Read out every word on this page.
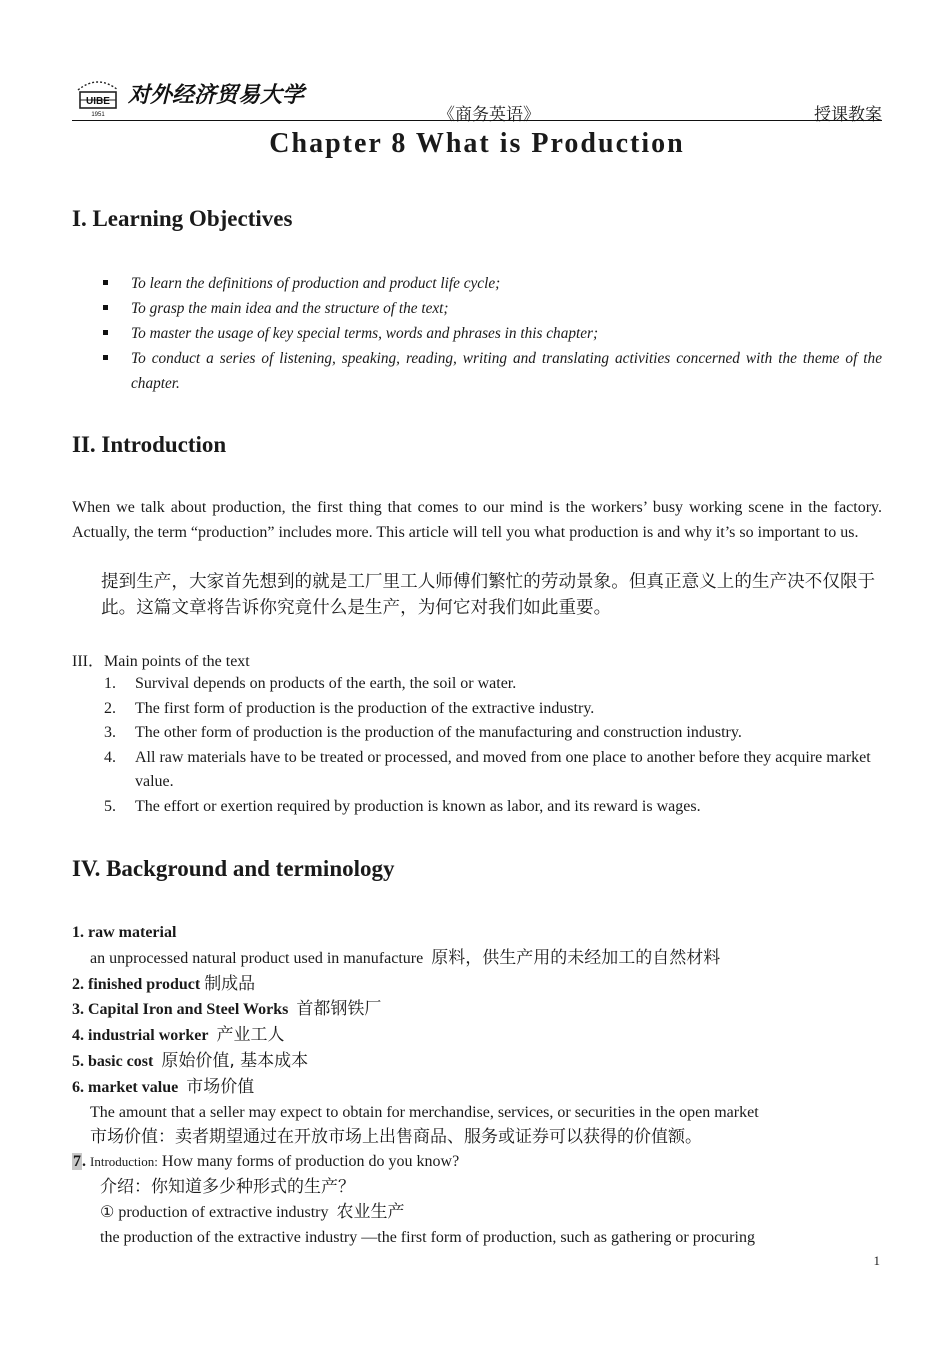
UIBE
1951
对外经济贸易大学
《商务英语》	授课教案
Chapter 8 What is Production
I. Learning Objectives
To learn the definitions of production and product life cycle;
To grasp the main idea and the structure of the text;
To master the usage of key special terms, words and phrases in this chapter;
To conduct a series of listening, speaking, reading, writing and translating activities concerned with the theme of the chapter.
II. Introduction
When we talk about production, the first thing that comes to our mind is the workers’ busy working scene in the factory. Actually, the term “production” includes more. This article will tell you what production is and why it’s so important to us.
提到生产，大家首先想到的就是工厂里工人师傅们繁忙的劳动景象。但真正意义上的生产决不仅限于此。这篇文章将告诉你究竟什么是生产，为何它对我们如此重要。
III．Main points of the text
1. Survival depends on products of the earth, the soil or water.
2. The first form of production is the production of the extractive industry.
3. The other form of production is the production of the manufacturing and construction industry.
4. All raw materials have to be treated or processed, and moved from one place to another before they acquire market value.
5. The effort or exertion required by production is known as labor, and its reward is wages.
IV. Background and terminology
1. raw material
an unprocessed natural product used in manufacture 原料，供生产用的未经加工的自然材料
2. finished product 制成品
3. Capital Iron and Steel Works 首都钢铁厂
4. industrial worker 产业工人
5. basic cost 原始价值, 基本成本
6. market value 市场价值
The amount that a seller may expect to obtain for merchandise, services, or securities in the open market
市场价值：卖者期望通过在开放市场上出售商品、服务或证券可以获得的价值额。
7. Introduction: How many forms of production do you know?
介绍：你知道多少种形式的生产？
① production of extractive industry 农业生产
the production of the extractive industry —the first form of production, such as gathering or procuring
1
